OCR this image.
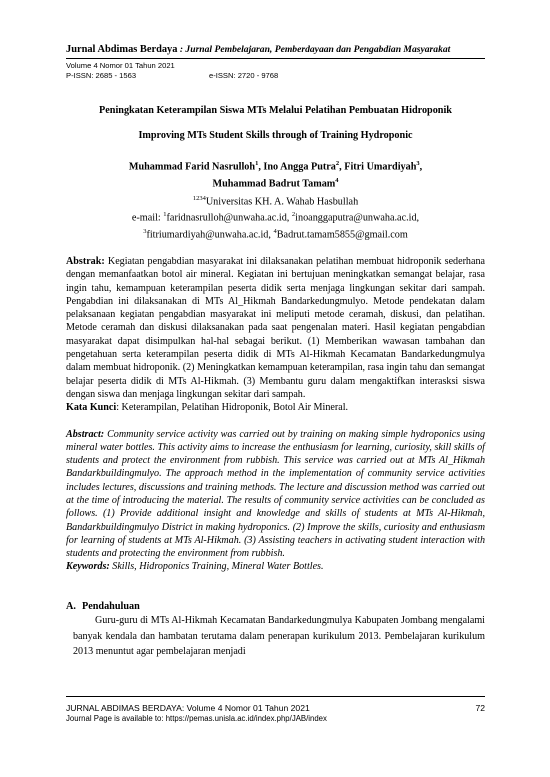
Jurnal Abdimas Berdaya : Jurnal Pembelajaran, Pemberdayaan dan Pengabdian Masyarakat
Volume 4 Nomor 01 Tahun 2021
P-ISSN: 2685 - 1563	e-ISSN: 2720 - 9768
Peningkatan Keterampilan Siswa MTs Melalui Pelatihan Pembuatan Hidroponik
Improving MTs Student Skills through of Training Hydroponic
Muhammad Farid Nasrulloh$^1$, Ino Angga Putra$^2$, Fitri Umardiyah$^3$,
Muhammad Badrut Tamam$^4$
$^{1234}$Universitas KH. A. Wahab Hasbullah
e-mail: $^1$faridnasrulloh@unwaha.ac.id, $^2$inoanggaputra@unwaha.ac.id,
$^3$fitriumardiyah@unwaha.ac.id, $^4$Badrut.tamam5855@gmail.com
Abstrak: Kegiatan pengabdian masyarakat ini dilaksanakan pelatihan membuat hidroponik sederhana dengan memanfaatkan botol air mineral. Kegiatan ini bertujuan meningkatkan semangat belajar, rasa ingin tahu, kemampuan keterampilan peserta didik serta menjaga lingkungan sekitar dari sampah. Pengabdian ini dilaksanakan di MTs Al_Hikmah Bandarkedungmulyo. Metode pendekatan dalam pelaksanaan kegiatan pengabdian masyarakat ini meliputi metode ceramah, diskusi, dan pelatihan. Metode ceramah dan diskusi dilaksanakan pada saat pengenalan materi. Hasil kegiatan pengabdian masyarakat dapat disimpulkan hal-hal sebagai berikut. (1) Memberikan wawasan tambahan dan pengetahuan serta keterampilan peserta didik di MTs Al-Hikmah Kecamatan Bandarkedungmulya dalam membuat hidroponik. (2) Meningkatkan kemampuan keterampilan, rasa ingin tahu dan semangat belajar peserta didik di MTs Al-Hikmah. (3) Membantu guru dalam mengaktifkan interasksi siswa dengan siswa dan menjaga lingkungan sekitar dari sampah.
Kata Kunci: Keterampilan, Pelatihan Hidroponik, Botol Air Mineral.
Abstract: Community service activity was carried out by training on making simple hydroponics using mineral water bottles. This activity aims to increase the enthusiasm for learning, curiosity, skill skills of students and protect the environment from rubbish. This service was carried out at MTs Al_Hikmah Bandarkbuildingmulyo. The approach method in the implementation of community service activities includes lectures, discussions and training methods. The lecture and discussion method was carried out at the time of introducing the material. The results of community service activities can be concluded as follows. (1) Provide additional insight and knowledge and skills of students at MTs Al-Hikmah, Bandarkbuildingmulyo District in making hydroponics. (2) Improve the skills, curiosity and enthusiasm for learning of students at MTs Al-Hikmah. (3) Assisting teachers in activating student interaction with students and protecting the environment from rubbish.
Keywords: Skills, Hidroponics Training, Mineral Water Bottles.
A. Pendahuluan
Guru-guru di MTs Al-Hikmah Kecamatan Bandarkedungmulya Kabupaten Jombang mengalami banyak kendala dan hambatan terutama dalam penerapan kurikulum 2013. Pembelajaran kurikulum 2013 menuntut agar pembelajaran menjadi
JURNAL ABDIMAS BERDAYA: Volume 4 Nomor 01 Tahun 2021	72
Journal Page is available to: https://pemas.unisla.ac.id/index.php/JAB/index
